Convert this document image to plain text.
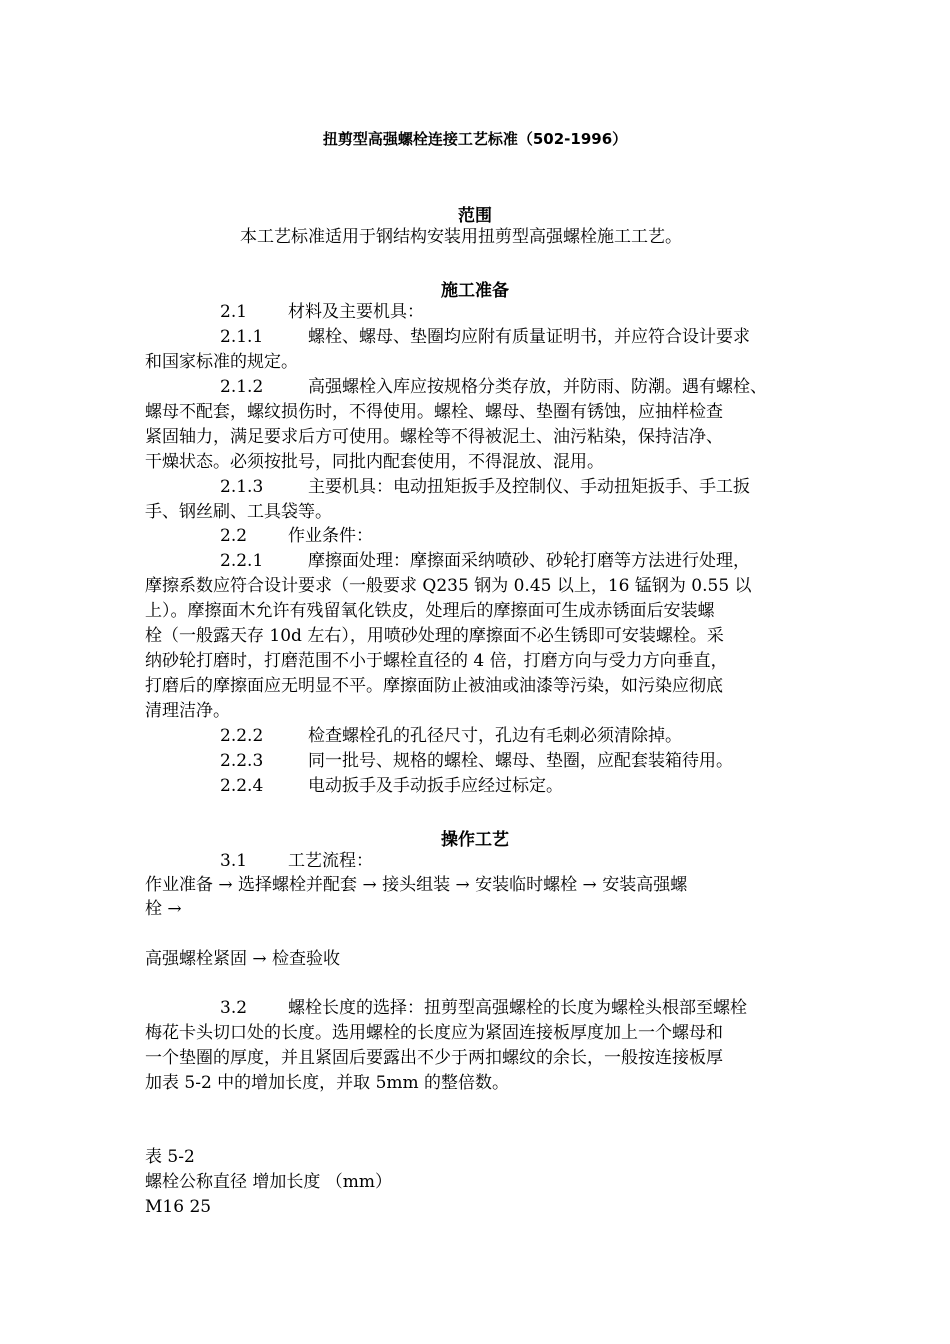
扭剪型高强螺栓连接工艺标准（502-1996）
范围
本工艺标准适用于钢结构安装用扭剪型高强螺栓施工工艺。
施工准备
2.1 材料及主要机具：
2.1.1	螺栓、螺母、垫圈均应附有质量证明书，并应符合设计要求
和国家标准的规定。
2.1.2	高强螺栓入库应按规格分类存放，并防雨、防潮。遇有螺栓、
螺母不配套，螺纹损伤时，不得使用。螺栓、螺母、垫圈有锈蚀，应抽样检查
紧固轴力，满足要求后方可使用。螺栓等不得被泥土、油污粘染，保持洁净、
干燥状态。必须按批号，同批内配套使用，不得混放、混用。
2.1.3	主要机具：电动扭矩扳手及控制仪、手动扭矩扳手、手工扳
手、钢丝刷、工具袋等。
2.2 作业条件：
2.2.1	摩擦面处理：摩擦面采纳喷砂、砂轮打磨等方法进行处理，
摩擦系数应符合设计要求（一般要求 Q235 钢为 0.45 以上，16 锰钢为 0.55 以
上）。摩擦面木允许有残留氧化铁皮，处理后的摩擦面可生成赤锈面后安装螺
栓（一般露天存 10d 左右），用喷砂处理的摩擦面不必生锈即可安装螺栓。采
纳砂轮打磨时，打磨范围不小于螺栓直径的 4 倍，打磨方向与受力方向垂直，
打磨后的摩擦面应无明显不平。摩擦面防止被油或油漆等污染，如污染应彻底
清理洁净。
2.2.2	检查螺栓孔的孔径尺寸，孔边有毛刺必须清除掉。
2.2.3	同一批号、规格的螺栓、螺母、垫圈，应配套装箱待用。
2.2.4	电动扳手及手动扳手应经过标定。
操作工艺
3.1 工艺流程：
作业准备 → 选择螺栓并配套 → 接头组装 → 安装临时螺栓 → 安装高强螺
栓 →
高强螺栓紧固 → 检查验收
3.2 螺栓长度的选择：扭剪型高强螺栓的长度为螺栓头根部至螺栓
梅花卡头切口处的长度。选用螺栓的长度应为紧固连接板厚度加上一个螺母和
一个垫圈的厚度，并且紧固后要露出不少于两扣螺纹的余长，一般按连接板厚
加表 5-2 中的增加长度，并取 5mm 的整倍数。
表 5-2
螺栓公称直径 增加长度 （mm）
M16 25
